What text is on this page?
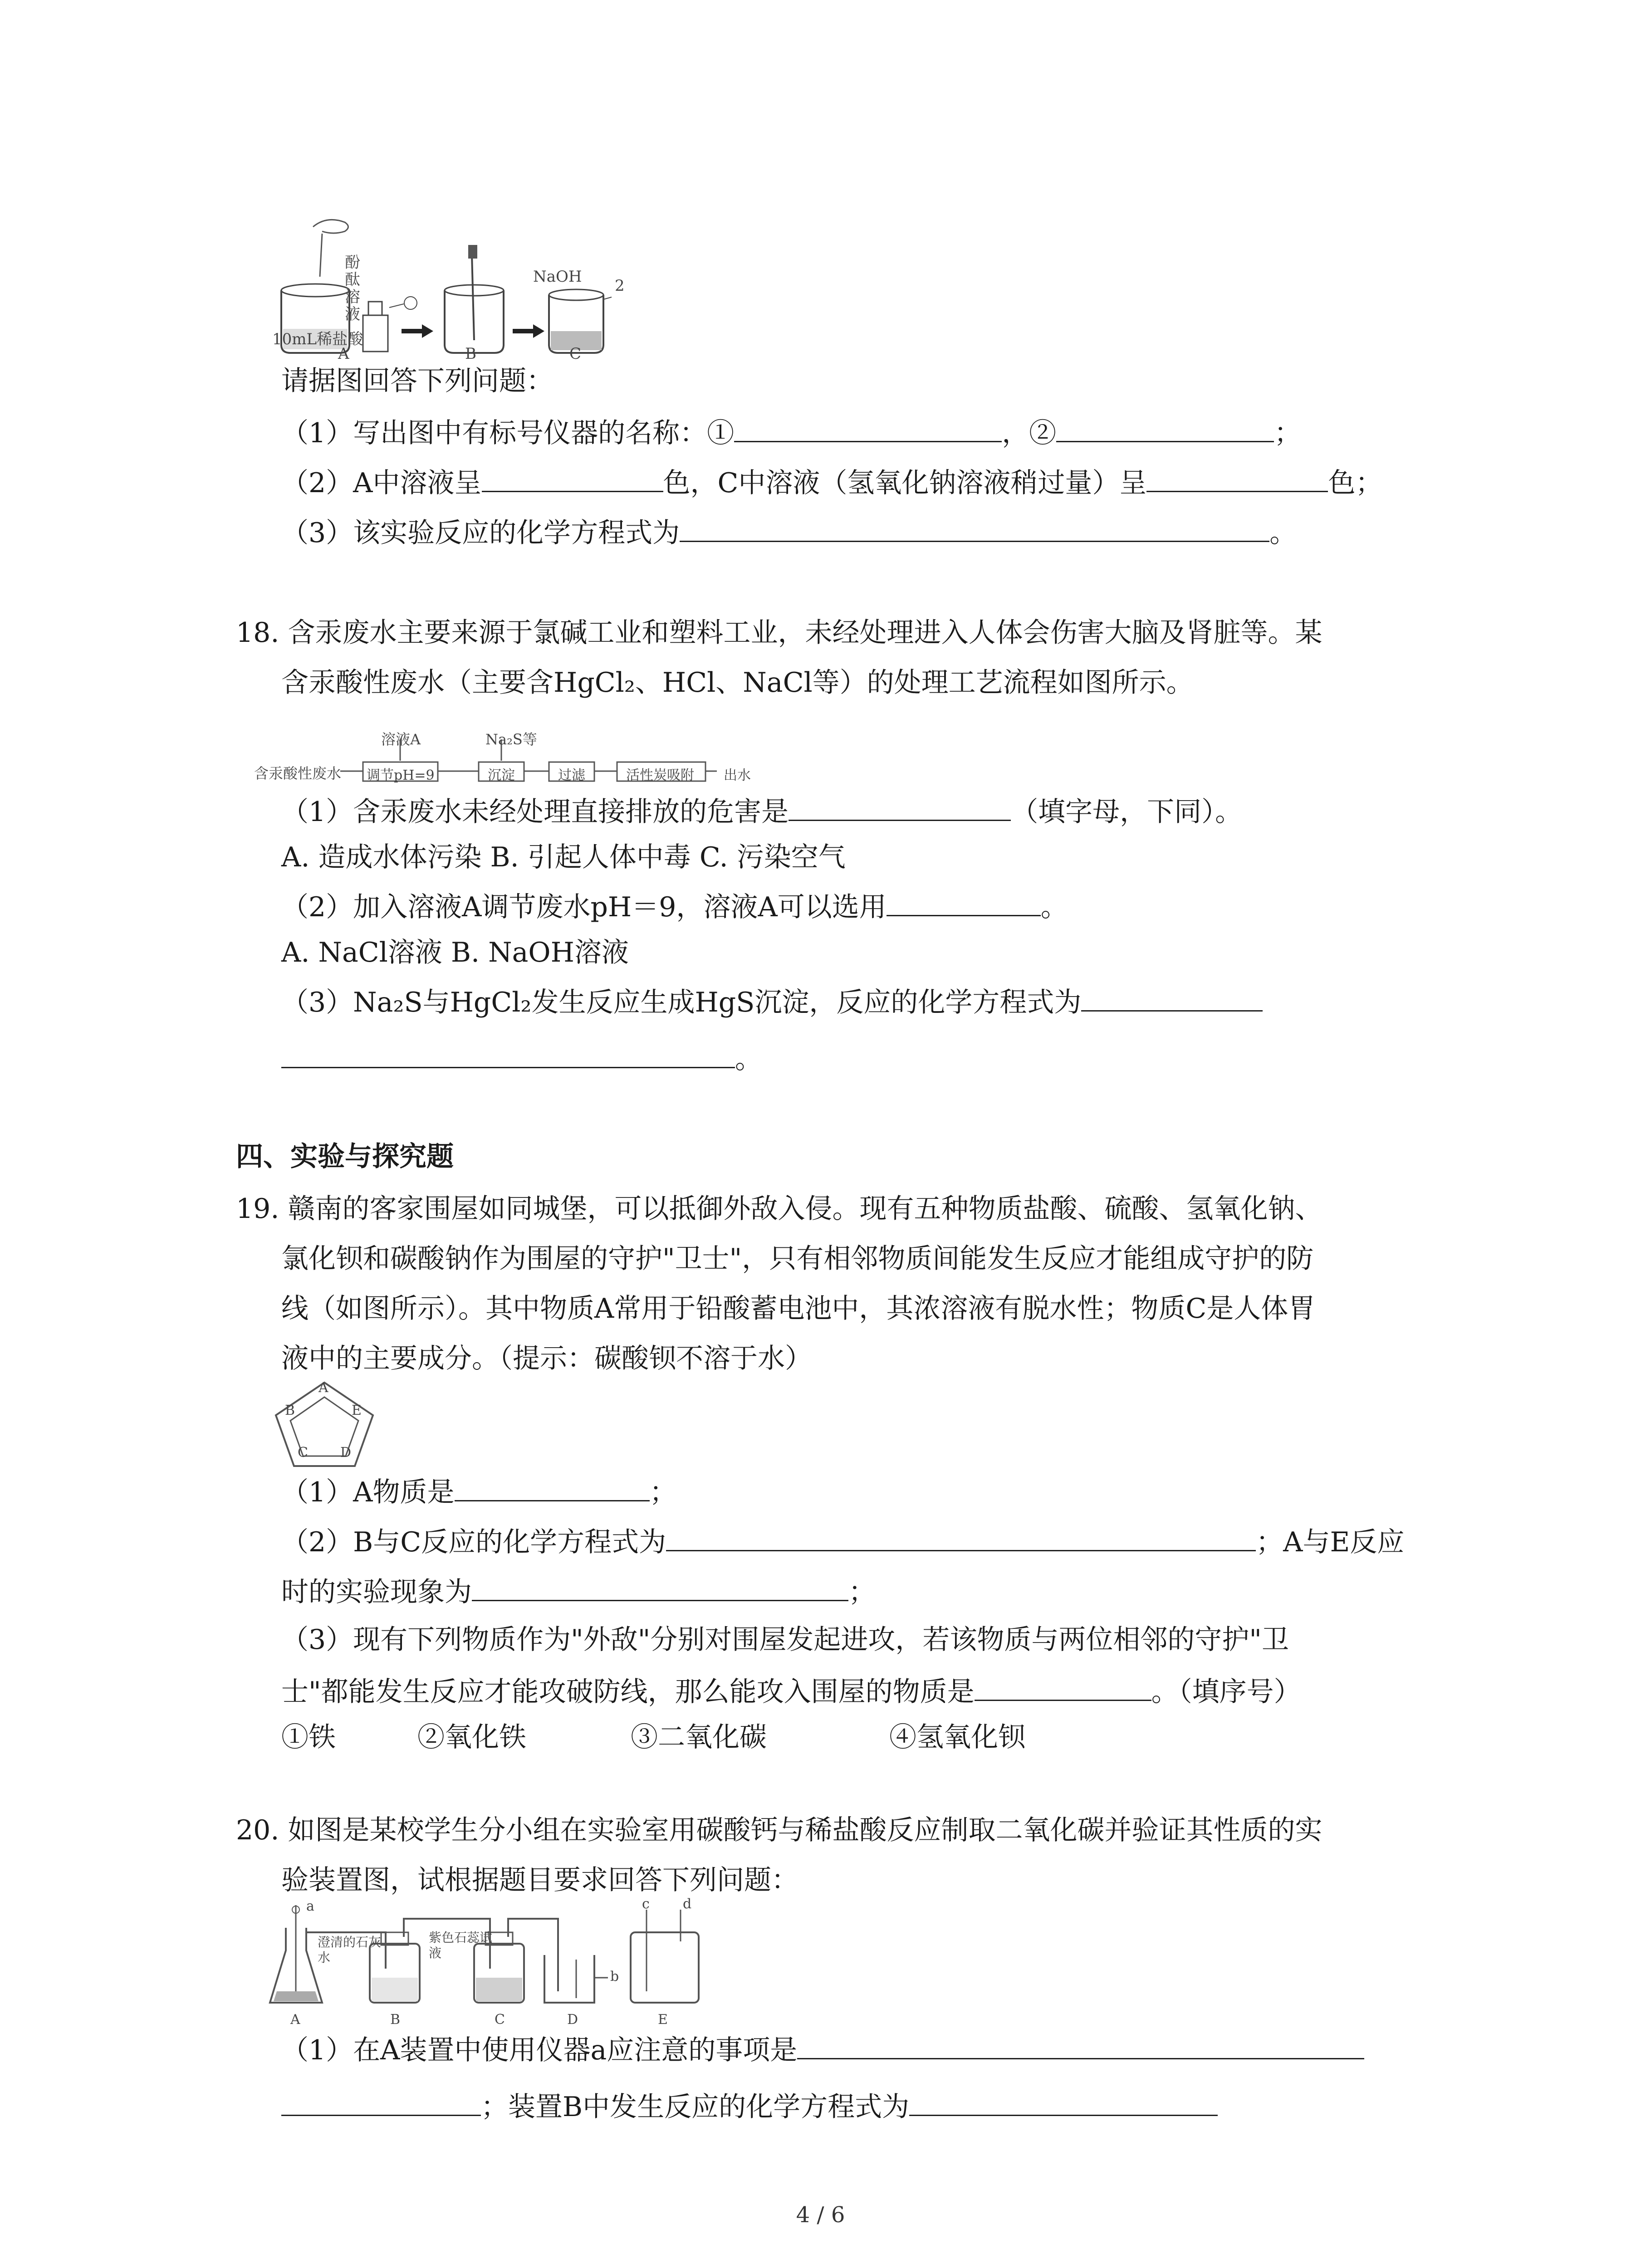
酚酞溶液
NaOH 2
10mL稀盐酸
A	B	C
请据图回答下列问题：
（1）写出图中有标号仪器的名称：①	，②	；
（2）A中溶液呈	色，C中溶液（氢氧化钠溶液稍过量）呈	色；
（3）该实验反应的化学方程式为	。
18. 含汞废水主要来源于氯碱工业和塑料工业，未经处理进入人体会伤害大脑及肾脏等。某
含汞酸性废水（主要含HgCl₂、HCl、NaCl等）的处理工艺流程如图所示。
含汞酸性废水
溶液A	Na₂S等
调节pH=9	沉淀	过滤	活性炭吸附 出水
（1）含汞废水未经处理直接排放的危害是	（填字母，下同）。
A. 造成水体污染 B. 引起人体中毒 C. 污染空气
（2）加入溶液A调节废水pH＝9，溶液A可以选用	。
A. NaCl溶液 B. NaOH溶液
（3）Na₂S与HgCl₂发生反应生成HgS沉淀，反应的化学方程式为
。
四、实验与探究题
19. 赣南的客家围屋如同城堡，可以抵御外敌入侵。现有五种物质盐酸、硫酸、氢氧化钠、
氯化钡和碳酸钠作为围屋的守护"卫士"，只有相邻物质间能发生反应才能组成守护的防
线（如图所示）。其中物质A常用于铅酸蓄电池中，其浓溶液有脱水性；物质C是人体胃
液中的主要成分。（提示：碳酸钡不溶于水）
A
B	E
C D
（1）A物质是	；
（2）B与C反应的化学方程式为	；A与E反应
时的实验现象为	；
（3）现有下列物质作为"外敌"分别对围屋发起进攻，若该物质与两位相邻的守护"卫
士"都能发生反应才能攻破防线，那么能攻入围屋的物质是	。（填序号）
①铁	②氧化铁	③二氧化碳	④氢氧化钡
20. 如图是某校学生分小组在实验室用碳酸钙与稀盐酸反应制取二氧化碳并验证其性质的实
验装置图，试根据题目要求回答下列问题：
a
澄清的石灰水
紫色石蕊试液
b
c d
A	B	C	D	E
（1）在A装置中使用仪器a应注意的事项是
；装置B中发生反应的化学方程式为
4 / 6
